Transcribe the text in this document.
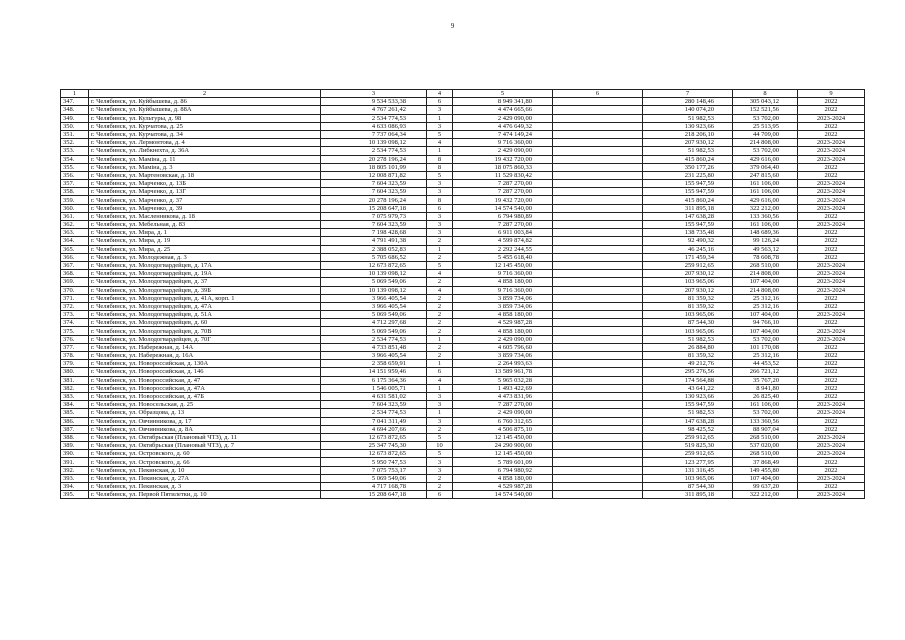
9
1	2	3	4	5	6	7	8	9
347.	г. Челябинск, ул. Куйбышева, д. 86	9 534 533,38	6	8 949 341,80		280 148,46	305 043,12	2022
348.	г. Челябинск, ул. Куйбышева, д. 88А	4 767 261,42	3	4 474 665,66		140 074,20	152 521,56	2022
349.	г. Челябинск, ул. Культуры, д. 98	2 534 774,53	1	2 429 090,00		51 982,53	53 702,00	2023-2024
350.	г. Челябинск, ул. Курчатова, д. 25	4 633 086,93	3	4 476 649,32		130 923,66	25 513,95	2022
351.	г. Челябинск, ул. Курчатова, д. 34	7 737 064,34	5	7 474 149,24		218 206,10	44 709,00	2022
352.	г. Челябинск, ул. Лермонтова, д. 4	10 139 098,12	4	9 716 360,00		207 930,12	214 808,00	2023-2024
353.	г. Челябинск, ул. Либкнехта, д. 36А	2 534 774,53	1	2 429 090,00		51 982,53	53 702,00	2023-2024
354.	г. Челябинск, ул. Маміна, д. 11	20 278 196,24	8	19 432 720,00		415 860,24	429 616,00	2023-2024
355.	г. Челябинск, ул. Маміна, д. 3	18 805 101,99	8	18 075 860,33		350 177,26	379 064,40	2022
356.	г. Челябинск, ул. Мартеновская, д. 18	12 008 871,82	5	11 529 830,42		231 225,80	247 815,60	2022
357.	г. Челябинск, ул. Марченко, д. 13Б	7 604 323,59	3	7 287 270,00		155 947,59	161 106,00	2023-2024
358.	г. Челябинск, ул. Марченко, д. 13Г	7 604 323,59	3	7 287 270,00		155 947,59	161 106,00	2023-2024
359.	г. Челябинск, ул. Марченко, д. 37	20 278 196,24	8	19 432 720,00		415 860,24	429 616,00	2023-2024
360.	г. Челябинск, ул. Марченко, д. 39	15 208 647,18	6	14 574 540,00		311 895,18	322 212,00	2023-2024
361.	г. Челябинск, ул. Масленникова, д. 18	7 075 979,73	3	6 794 980,89		147 638,28	133 360,56	2022
362.	г. Челябинск, ул. Мебельная, д. 83	7 604 323,59	3	7 287 270,00		155 947,59	161 106,00	2023-2024
363.	г. Челябинск, ул. Мира, д. 1	7 198 428,68	3	6 911 003,84		138 735,48	148 689,36	2022
364.	г. Челябинск, ул. Мира, д. 19	4 791 491,38	2	4 599 874,82		92 490,32	99 126,24	2022
365.	г. Челябинск, ул. Мира, д. 25	2 388 052,83	1	2 292 244,55		46 245,16	49 563,12	2022
366.	г. Челябинск, ул. Молодежная, д. 3	5 705 686,52	2	5 455 618,40		171 459,34	78 608,78	2022
367.	г. Челябинск, ул. Молодогвардейцев, д. 17А	12 673 872,65	5	12 145 450,00		259 912,65	268 510,00	2023-2024
368.	г. Челябинск, ул. Молодогвардейцев, д. 19А	10 139 098,12	4	9 716 360,00		207 930,12	214 808,00	2023-2024
369.	г. Челябинск, ул. Молодогвардейцев, д. 37	5 069 549,06	2	4 858 180,00		103 965,06	107 404,00	2023-2024
370.	г. Челябинск, ул. Молодогвардейцев, д. 39Б	10 139 098,12	4	9 716 360,00		207 930,12	214 808,00	2023-2024
371.	г. Челябинск, ул. Молодогвардейцев, д. 41А, корп. 1	3 966 405,54	2	3 859 734,06		81 359,32	25 312,16	2022
372.	г. Челябинск, ул. Молодогвардейцев, д. 47А	3 966 405,54	2	3 859 734,06		81 359,32	25 312,16	2022
373.	г. Челябинск, ул. Молодогвардейцев, д. 51А	5 069 549,06	2	4 858 180,00		103 965,06	107 404,00	2023-2024
374.	г. Челябинск, ул. Молодогвардейцев, д. 60	4 712 297,68	2	4 529 987,28		87 544,30	94 766,10	2022
375.	г. Челябинск, ул. Молодогвардейцев, д. 70В	5 069 549,06	2	4 858 180,00		103 965,06	107 404,00	2023-2024
376.	г. Челябинск, ул. Молодогвардейцев, д. 70Г	2 534 774,53	1	2 429 090,00		51 982,53	53 702,00	2023-2024
377.	г. Челябинск, ул. Набережная, д. 14А	4 733 851,48	2	4 605 796,60		26 884,80	101 170,08	2022
378.	г. Челябинск, ул. Набережная, д. 16А	3 966 405,54	2	3 859 734,06		81 359,32	25 312,16	2022
379.	г. Челябинск, ул. Новороссийская, д. 130А	2 358 659,91	1	2 264 993,63		49 212,76	44 453,52	2022
380.	г. Челябинск, ул. Новороссийская, д. 146	14 151 959,46	6	13 589 961,78		295 276,56	266 721,12	2022
381.	г. Челябинск, ул. Новороссийская, д. 47	6 175 364,36	4	5 965 032,28		174 564,88	35 767,20	2022
382.	г. Челябинск, ул. Новороссийская, д. 47А	1 546 005,71	1	1 493 422,69		43 641,22	8 941,80	2022
383.	г. Челябинск, ул. Новороссийская, д. 47Б	4 631 581,02	3	4 473 831,96		130 923,66	26 825,40	2022
384.	г. Челябинск, ул. Новосельская, д. 25	7 604 323,59	3	7 287 270,00		155 947,59	161 106,00	2023-2024
385.	г. Челябинск, ул. Образцова, д. 13	2 534 774,53	1	2 429 090,00		51 982,53	53 702,00	2023-2024
386.	г. Челябинск, ул. Овчинникова, д. 17	7 041 311,49	3	6 760 312,65		147 638,28	133 360,56	2022
387.	г. Челябинск, ул. Овчинникова, д. 8А	4 694 207,66	2	4 506 875,10		98 425,52	88 907,04	2022
388.	г. Челябинск, ул. Октябрьская (Плановый ЧТЗ), д. 11	12 673 872,65	5	12 145 450,00		259 912,65	268 510,00	2023-2024
389.	г. Челябинск, ул. Октябрьская (Плановый ЧТЗ), д. 7	25 347 745,30	10	24 290 900,00		519 825,30	537 020,00	2023-2024
390.	г. Челябинск, ул. Островского, д. 60	12 673 872,65	5	12 145 450,00		259 912,65	268 510,00	2023-2024
391.	г. Челябинск, ул. Островского, д. 66	5 950 747,53	3	5 789 601,09		123 277,95	37 868,49	2022
392.	г. Челябинск, ул. Пекинская, д. 10	7 075 753,17	3	6 794 980,92		131 316,45	149 455,80	2022
393.	г. Челябинск, ул. Пекинская, д. 27А	5 069 549,06	2	4 858 180,00		103 965,06	107 404,00	2023-2024
394.	г. Челябинск, ул. Пекинская, д. 3	4 717 168,78	2	4 529 987,28		87 544,30	99 637,20	2022
395.	г. Челябинск, ул. Первой Пятилетки, д. 10	15 208 647,18	6	14 574 540,00		311 895,18	322 212,00	2023-2024
